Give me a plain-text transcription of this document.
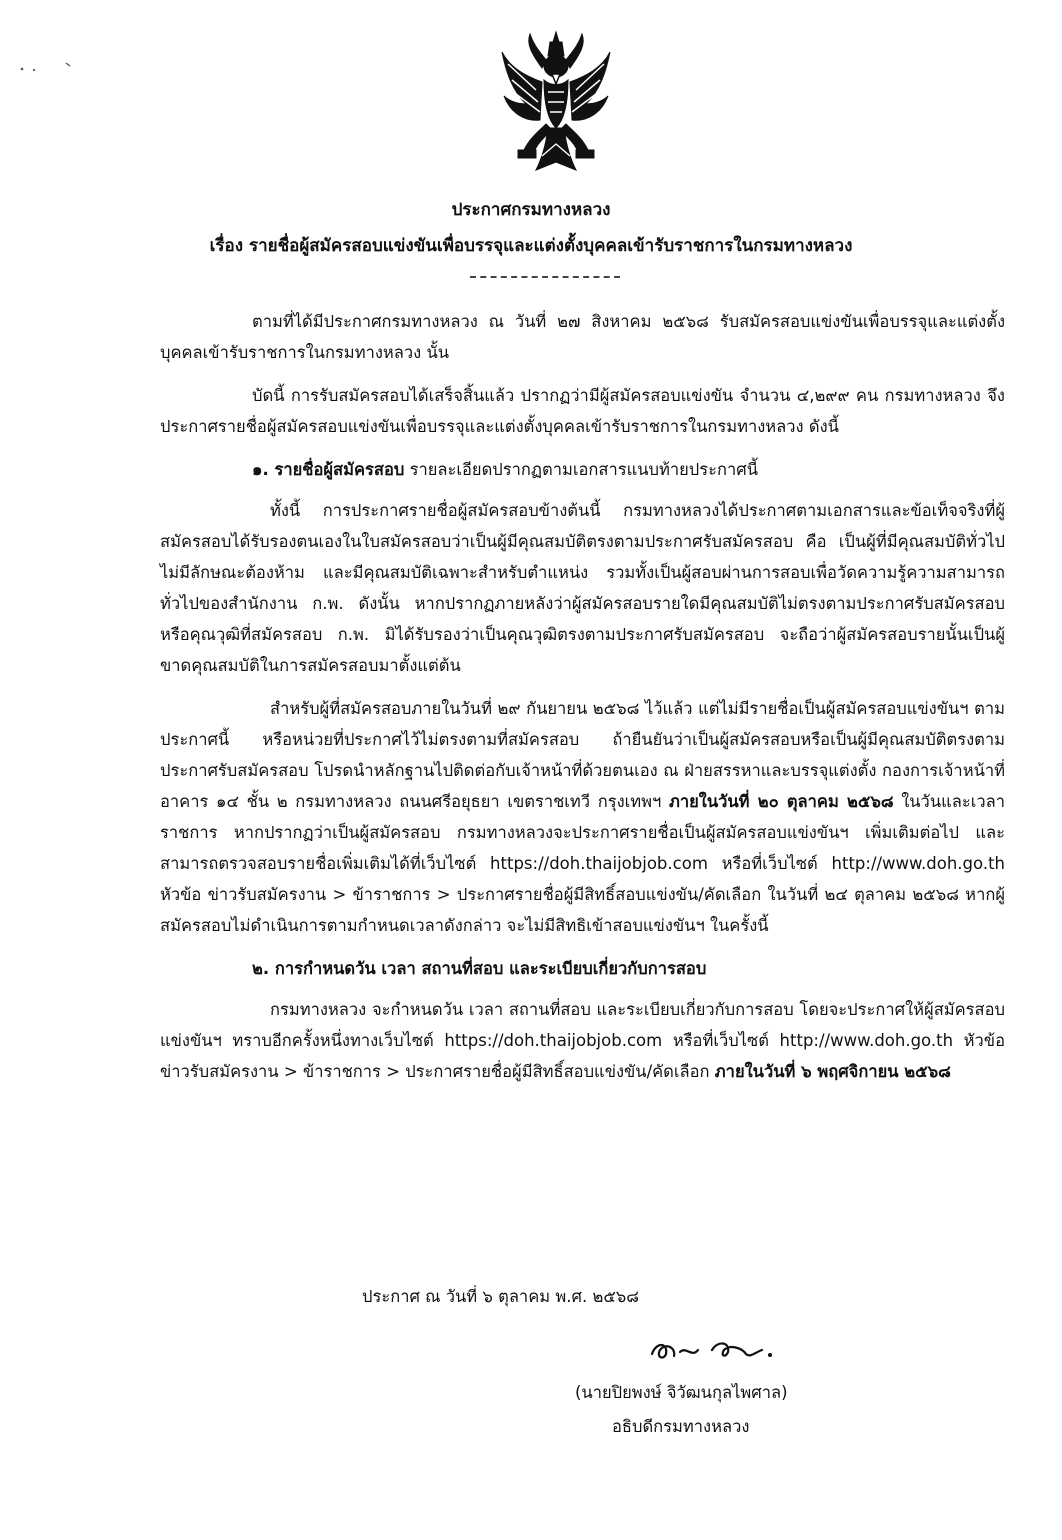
ประกาศกรมทางหลวง
เรื่อง รายชื่อผู้สมัครสอบแข่งขันเพื่อบรรจุและแต่งตั้งบุคคลเข้ารับราชการในกรมทางหลวง

ตามที่ได้มีประกาศกรมทางหลวง ณ วันที่ ๒๗ สิงหาคม ๒๕๖๘ รับสมัครสอบแข่งขันเพื่อบรรจุและแต่งตั้งบุคคลเข้ารับราชการในกรมทางหลวง นั้น

บัดนี้ การรับสมัครสอบได้เสร็จสิ้นแล้ว ปรากฏว่ามีผู้สมัครสอบแข่งขัน จำนวน ๔,๒๙๙ คน กรมทางหลวง จึงประกาศรายชื่อผู้สมัครสอบแข่งขันเพื่อบรรจุและแต่งตั้งบุคคลเข้ารับราชการในกรมทางหลวง ดังนี้

๑. รายชื่อผู้สมัครสอบ รายละเอียดปรากฏตามเอกสารแนบท้ายประกาศนี้

ทั้งนี้ การประกาศรายชื่อผู้สมัครสอบข้างต้นนี้ กรมทางหลวงได้ประกาศตามเอกสารและข้อเท็จจริงที่ผู้สมัครสอบได้รับรองตนเองในใบสมัครสอบว่าเป็นผู้มีคุณสมบัติตรงตามประกาศรับสมัครสอบ คือ เป็นผู้ที่มีคุณสมบัติทั่วไป ไม่มีลักษณะต้องห้าม และมีคุณสมบัติเฉพาะสำหรับตำแหน่ง รวมทั้งเป็นผู้สอบผ่านการสอบเพื่อวัดความรู้ความสามารถทั่วไปของสำนักงาน ก.พ. ดังนั้น หากปรากฏภายหลังว่าผู้สมัครสอบรายใดมีคุณสมบัติไม่ตรงตามประกาศรับสมัครสอบ หรือคุณวุฒิที่สมัครสอบ ก.พ. มิได้รับรองว่าเป็นคุณวุฒิตรงตามประกาศรับสมัครสอบ จะถือว่าผู้สมัครสอบรายนั้นเป็นผู้ขาดคุณสมบัติในการสมัครสอบมาตั้งแต่ต้น

สำหรับผู้ที่สมัครสอบภายในวันที่ ๒๙ กันยายน ๒๕๖๘ ไว้แล้ว แต่ไม่มีรายชื่อเป็นผู้สมัครสอบแข่งขันฯ ตามประกาศนี้ หรือหน่วยที่ประกาศไว้ไม่ตรงตามที่สมัครสอบ ถ้ายืนยันว่าเป็นผู้สมัครสอบหรือเป็นผู้มีคุณสมบัติตรงตามประกาศรับสมัครสอบ โปรดนำหลักฐานไปติดต่อกับเจ้าหน้าที่ด้วยตนเอง ณ ฝ่ายสรรหาและบรรจุแต่งตั้ง กองการเจ้าหน้าที่ อาคาร ๑๔ ชั้น ๒ กรมทางหลวง ถนนศรีอยุธยา เขตราชเทวี กรุงเทพฯ ภายในวันที่ ๒๐ ตุลาคม ๒๕๖๘ ในวันและเวลาราชการ หากปรากฏว่าเป็นผู้สมัครสอบ กรมทางหลวงจะประกาศรายชื่อเป็นผู้สมัครสอบแข่งขันฯ เพิ่มเติมต่อไป และสามารถตรวจสอบรายชื่อเพิ่มเติมได้ที่เว็บไซต์ https://doh.thaijobjob.com หรือที่เว็บไซต์ http://www.doh.go.th หัวข้อ ข่าวรับสมัครงาน > ข้าราชการ > ประกาศรายชื่อผู้มีสิทธิ์สอบแข่งขัน/คัดเลือก ในวันที่ ๒๔ ตุลาคม ๒๕๖๘ หากผู้สมัครสอบไม่ดำเนินการตามกำหนดเวลาดังกล่าว จะไม่มีสิทธิเข้าสอบแข่งขันฯ ในครั้งนี้

๒. การกำหนดวัน เวลา สถานที่สอบ และระเบียบเกี่ยวกับการสอบ

กรมทางหลวง จะกำหนดวัน เวลา สถานที่สอบ และระเบียบเกี่ยวกับการสอบ โดยจะประกาศให้ผู้สมัครสอบแข่งขันฯ ทราบอีกครั้งหนึ่งทางเว็บไซต์ https://doh.thaijobjob.com หรือที่เว็บไซต์ http://www.doh.go.th หัวข้อ ข่าวรับสมัครงาน > ข้าราชการ > ประกาศรายชื่อผู้มีสิทธิ์สอบแข่งขัน/คัดเลือก ภายในวันที่ ๖ พฤศจิกายน ๒๕๖๘

ประกาศ ณ วันที่ ๖ ตุลาคม พ.ศ. ๒๕๖๘
(นายปิยพงษ์ จิวัฒนกุลไพศาล)
อธิบดีกรมทางหลวง
